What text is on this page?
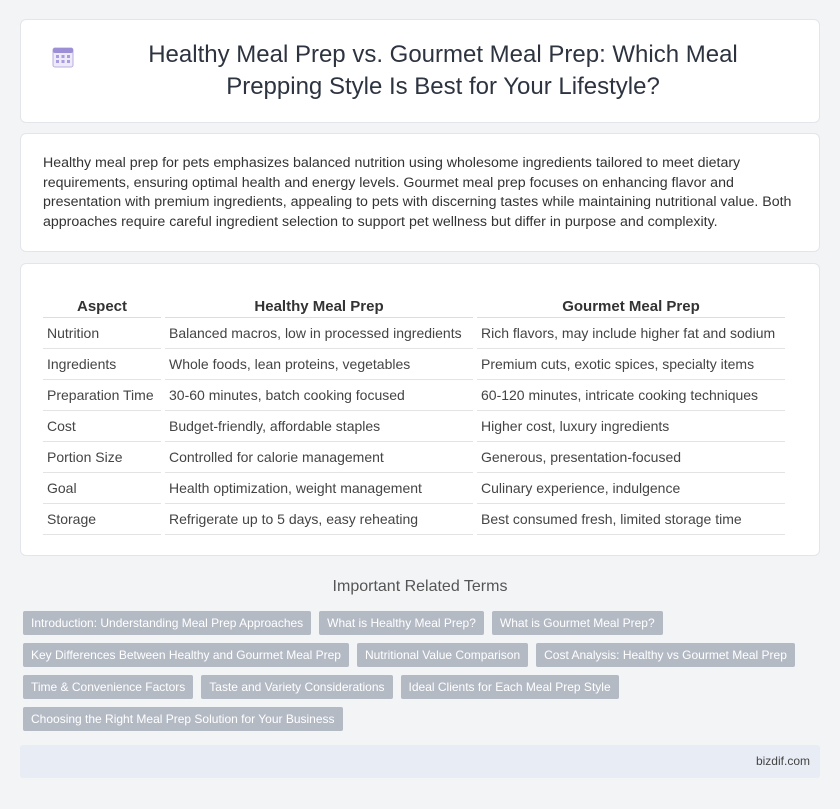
Healthy Meal Prep vs. Gourmet Meal Prep: Which Meal Prepping Style Is Best for Your Lifestyle?

Healthy meal prep for pets emphasizes balanced nutrition using wholesome ingredients tailored to meet dietary requirements, ensuring optimal health and energy levels. Gourmet meal prep focuses on enhancing flavor and presentation with premium ingredients, appealing to pets with discerning tastes while maintaining nutritional value. Both approaches require careful ingredient selection to support pet wellness but differ in purpose and complexity.

Aspect	Healthy Meal Prep	Gourmet Meal Prep
Nutrition	Balanced macros, low in processed ingredients	Rich flavors, may include higher fat and sodium
Ingredients	Whole foods, lean proteins, vegetables	Premium cuts, exotic spices, specialty items
Preparation Time	30-60 minutes, batch cooking focused	60-120 minutes, intricate cooking techniques
Cost	Budget-friendly, affordable staples	Higher cost, luxury ingredients
Portion Size	Controlled for calorie management	Generous, presentation-focused
Goal	Health optimization, weight management	Culinary experience, indulgence
Storage	Refrigerate up to 5 days, easy reheating	Best consumed fresh, limited storage time
Important Related Terms
Introduction: Understanding Meal Prep Approaches	What is Healthy Meal Prep?	What is Gourmet Meal Prep?
Key Differences Between Healthy and Gourmet Meal Prep	Nutritional Value Comparison	Cost Analysis: Healthy vs Gourmet Meal Prep
Time & Convenience Factors	Taste and Variety Considerations	Ideal Clients for Each Meal Prep Style
Choosing the Right Meal Prep Solution for Your Business
bizdif.com
